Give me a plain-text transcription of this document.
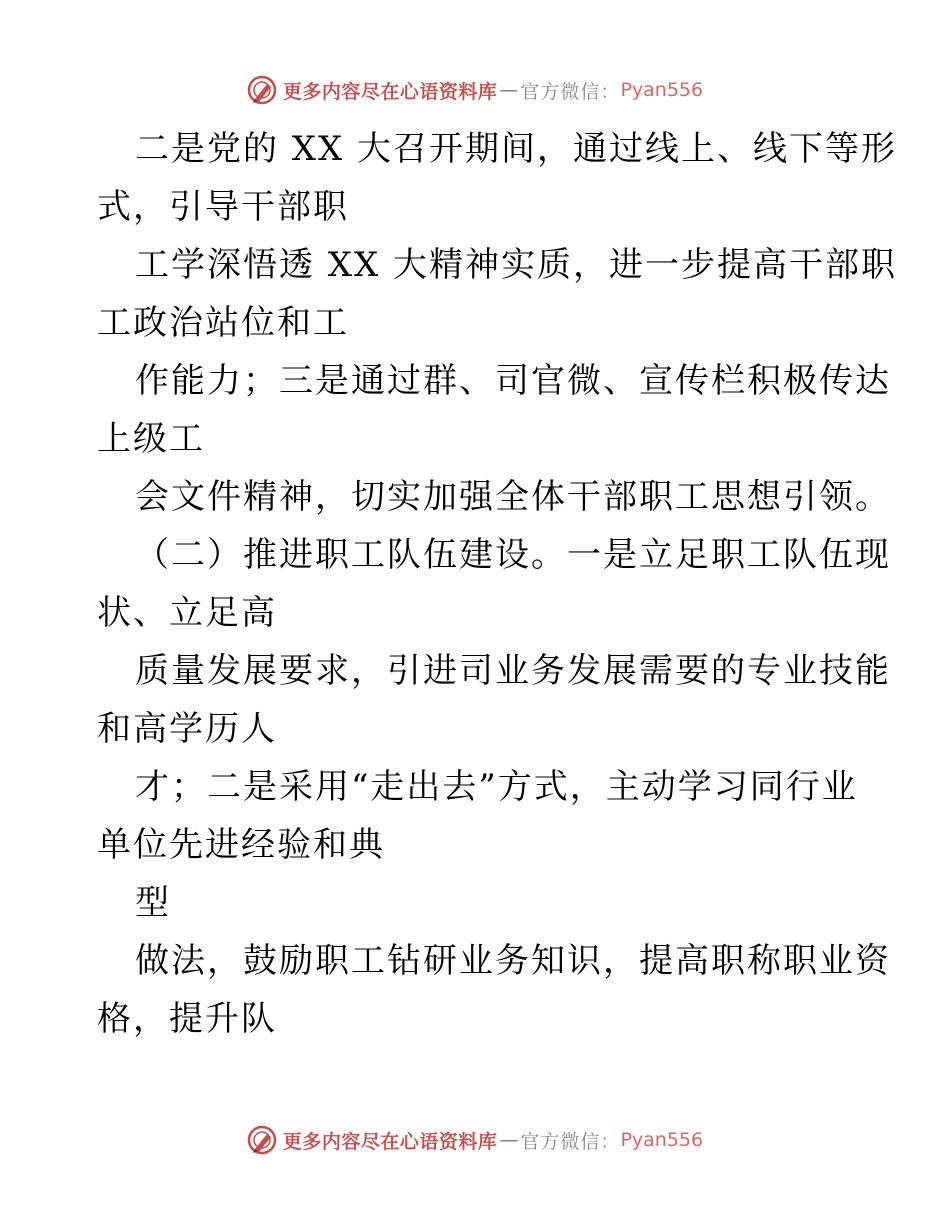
更多内容尽在心语资料库 — 官方微信： Pyan556
二是党的 XX 大召开期间，通过线上、线下等形
式，引导干部职
工学深悟透 XX 大精神实质，进一步提高干部职
工政治站位和工
作能力；三是通过群、司官微、宣传栏积极传达
上级工
会文件精神，切实加强全体干部职工思想引领。
（二）推进职工队伍建设。一是立足职工队伍现
状、立足高
质量发展要求，引进司业务发展需要的专业技能
和高学历人
才；二是采用“走出去”方式，主动学习同行业
单位先进经验和典
型
做法，鼓励职工钻研业务知识，提高职称职业资
格，提升队
更多内容尽在心语资料库 — 官方微信： Pyan556
